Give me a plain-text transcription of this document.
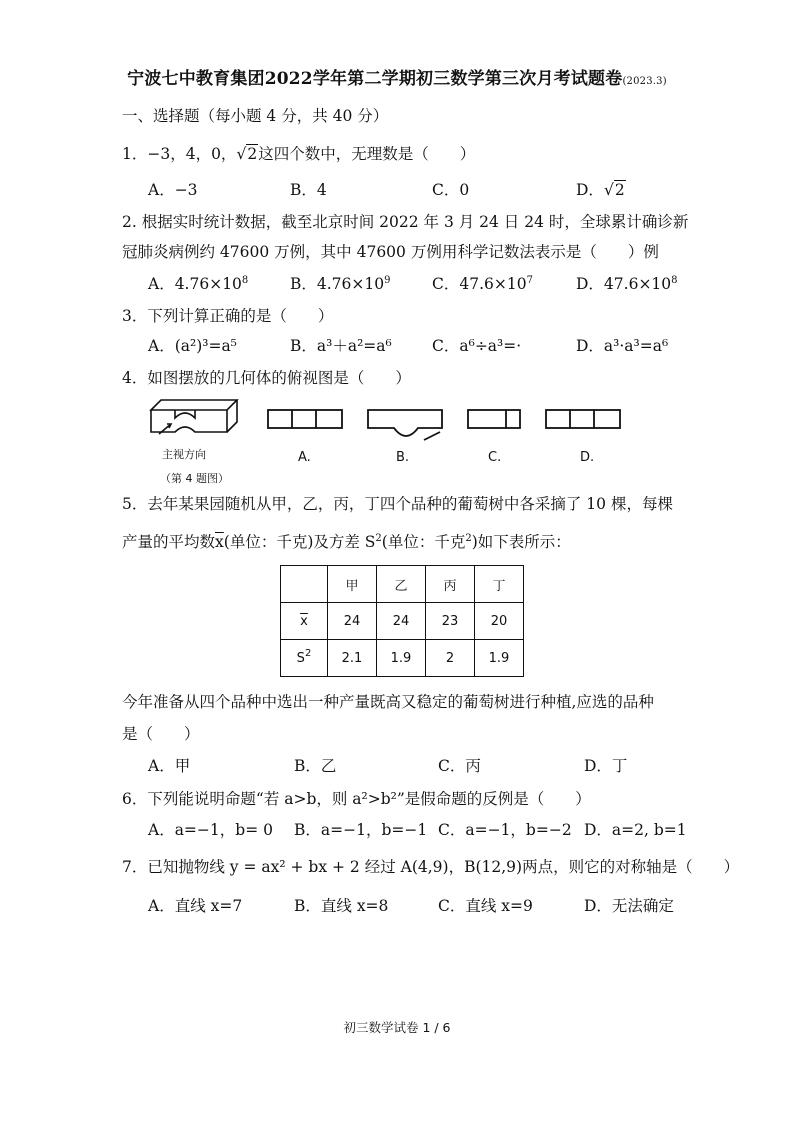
宁波七中教育集团2022学年第二学期初三数学第三次月考试题卷(2023.3)
一、选择题（每小题 4 分，共 40 分）
1．−3，4，0，√2这四个数中，无理数是（　　）
A．−3	B．4	C．0	D．√2
2. 根据实时统计数据，截至北京时间 2022 年 3 月 24 日 24 时，全球累计确诊新
冠肺炎病例约 47600 万例，其中 47600 万例用科学记数法表示是（　　）例
A．$4.76\times 10^8$	B．$4.76\times 10^9$	C．$47.6\times 10^7$	D．$47.6\times 10^8$
3．下列计算正确的是（　　）
A．(a²)³=a⁵	B．a³＋a²=a⁶	C．a⁶÷a³=·	D．a³·a³=a⁶
4．如图摆放的几何体的俯视图是（　　）
主视方向
（第 4 题图）
A.	B.	C.	D.
5．去年某果园随机从甲，乙，丙，丁四个品种的葡萄树中各采摘了 10 棵，每棵
产量的平均数$\overline{x}$(单位：千克)及方差 $S^2$(单位：千克$^2$)如下表所示：
	甲	乙	丙	丁
$\overline{x}$	24	24	23	20
$S^2$	2.1	1.9	2	1.9
今年准备从四个品种中选出一种产量既高又稳定的葡萄树进行种植,应选的品种
是（　　）
A．甲	B．乙	C．丙	D．丁
6．下列能说明命题“若 a>b，则 a²>b²”是假命题的反例是（　　）
A．a=−1，b= 0 B．a=−1，b=−1 C．a=−1，b=−2 D．a=2, b=1
7．已知抛物线 y = ax² + bx + 2 经过 A(4,9)，B(12,9)两点，则它的对称轴是（　　）
A．直线 x=7	B．直线 x=8	C．直线 x=9	D．无法确定
初三数学试卷 1 / 6
